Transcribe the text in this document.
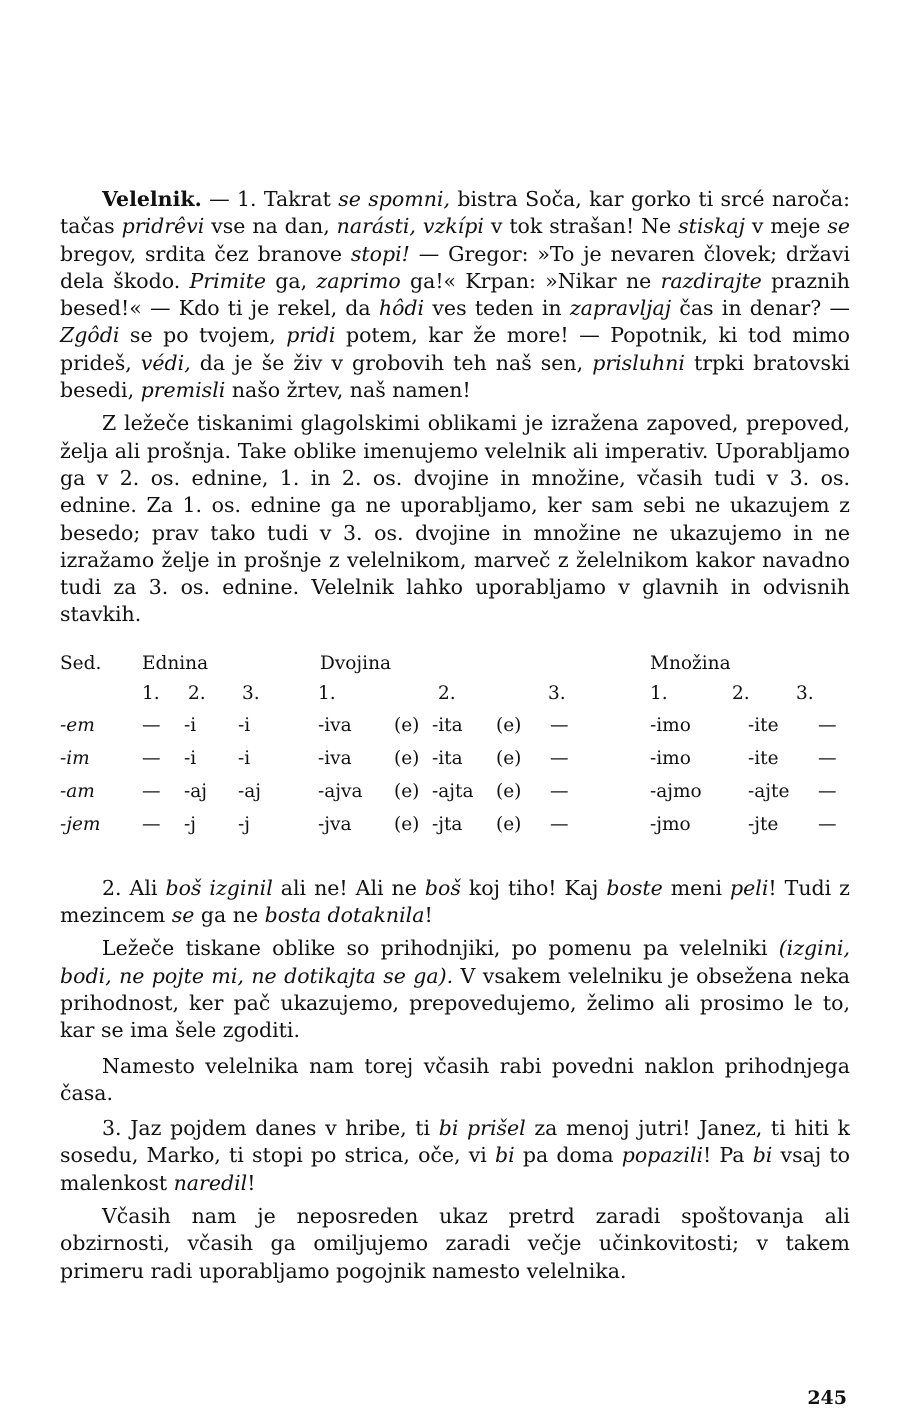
Velelnik. — 1. Takrat se spomni, bistra Soča, kar gorko ti srcé naroča: tačas pridrêvi vse na dan, narásti, vzkípi v tok strašan! Ne stiskaj v meje se bregov, srdita čez branove stopi! — Gregor: »To je nevaren človek; državi dela škodo. Primite ga, zaprimo ga!« Krpan: »Nikar ne razdirajte praznih besed!« — Kdo ti je rekel, da hôdi ves teden in zapravljaj čas in denar? — Zgôdi se po tvojem, pridi potem, kar že more! — Popotnik, ki tod mimo prideš, védi, da je še živ v grobovih teh naš sen, prisluhni trpki bratovski besedi, premisli našo žrtev, naš namen!

Z ležeče tiskanimi glagolskimi oblikami je izražena zapoved, prepoved, želja ali prošnja. Take oblike imenujemo velelnik ali imperativ. Uporabljamo ga v 2. os. ednine, 1. in 2. os. dvojine in množine, včasih tudi v 3. os. ednine. Za 1. os. ednine ga ne uporabljamo, ker sam sebi ne ukazujem z besedo; prav tako tudi v 3. os. dvojine in množine ne ukazujemo in ne izražamo želje in prošnje z velelnikom, marveč z želelnikom kakor navadno tudi za 3. os. ednine. Velelnik lahko uporabljamo v glavnih in odvisnih stavkih.

Sed. Ednina	Dvojina	Množina
1. 2. 3.	1.	2.	3.	1.	2.	3.
-em	— -i -i	-iva (e) -ita (e) —	-imo	-ite —
-im	— -i -i	-iva (e) -ita (e) —	-imo	-ite —
-am	— -aj -aj	-ajva (e) -ajta (e) —	-ajmo	-ajte —
-jem — -j -j	-jva (e) -jta (e) —	-jmo	-jte —

2. Ali boš izginil ali ne! Ali ne boš koj tiho! Kaj boste meni peli! Tudi z mezincem se ga ne bosta dotaknila!

Ležeče tiskane oblike so prihodnjiki, po pomenu pa velelniki (izgini, bodi, ne pojte mi, ne dotikajta se ga). V vsakem velelniku je obsežena neka prihodnost, ker pač ukazujemo, prepovedujemo, želimo ali prosimo le to, kar se ima šele zgoditi.

Namesto velelnika nam torej včasih rabi povedni naklon prihodnjega časa.

3. Jaz pojdem danes v hribe, ti bi prišel za menoj jutri! Janez, ti hiti k sosedu, Marko, ti stopi po strica, oče, vi bi pa doma popazili! Pa bi vsaj to malenkost naredil!

Včasih nam je neposreden ukaz pretrd zaradi spoštovanja ali obzirnosti, včasih ga omiljujemo zaradi večje učinkovitosti; v takem primeru radi uporabljamo pogojnik namesto velelnika.

245
